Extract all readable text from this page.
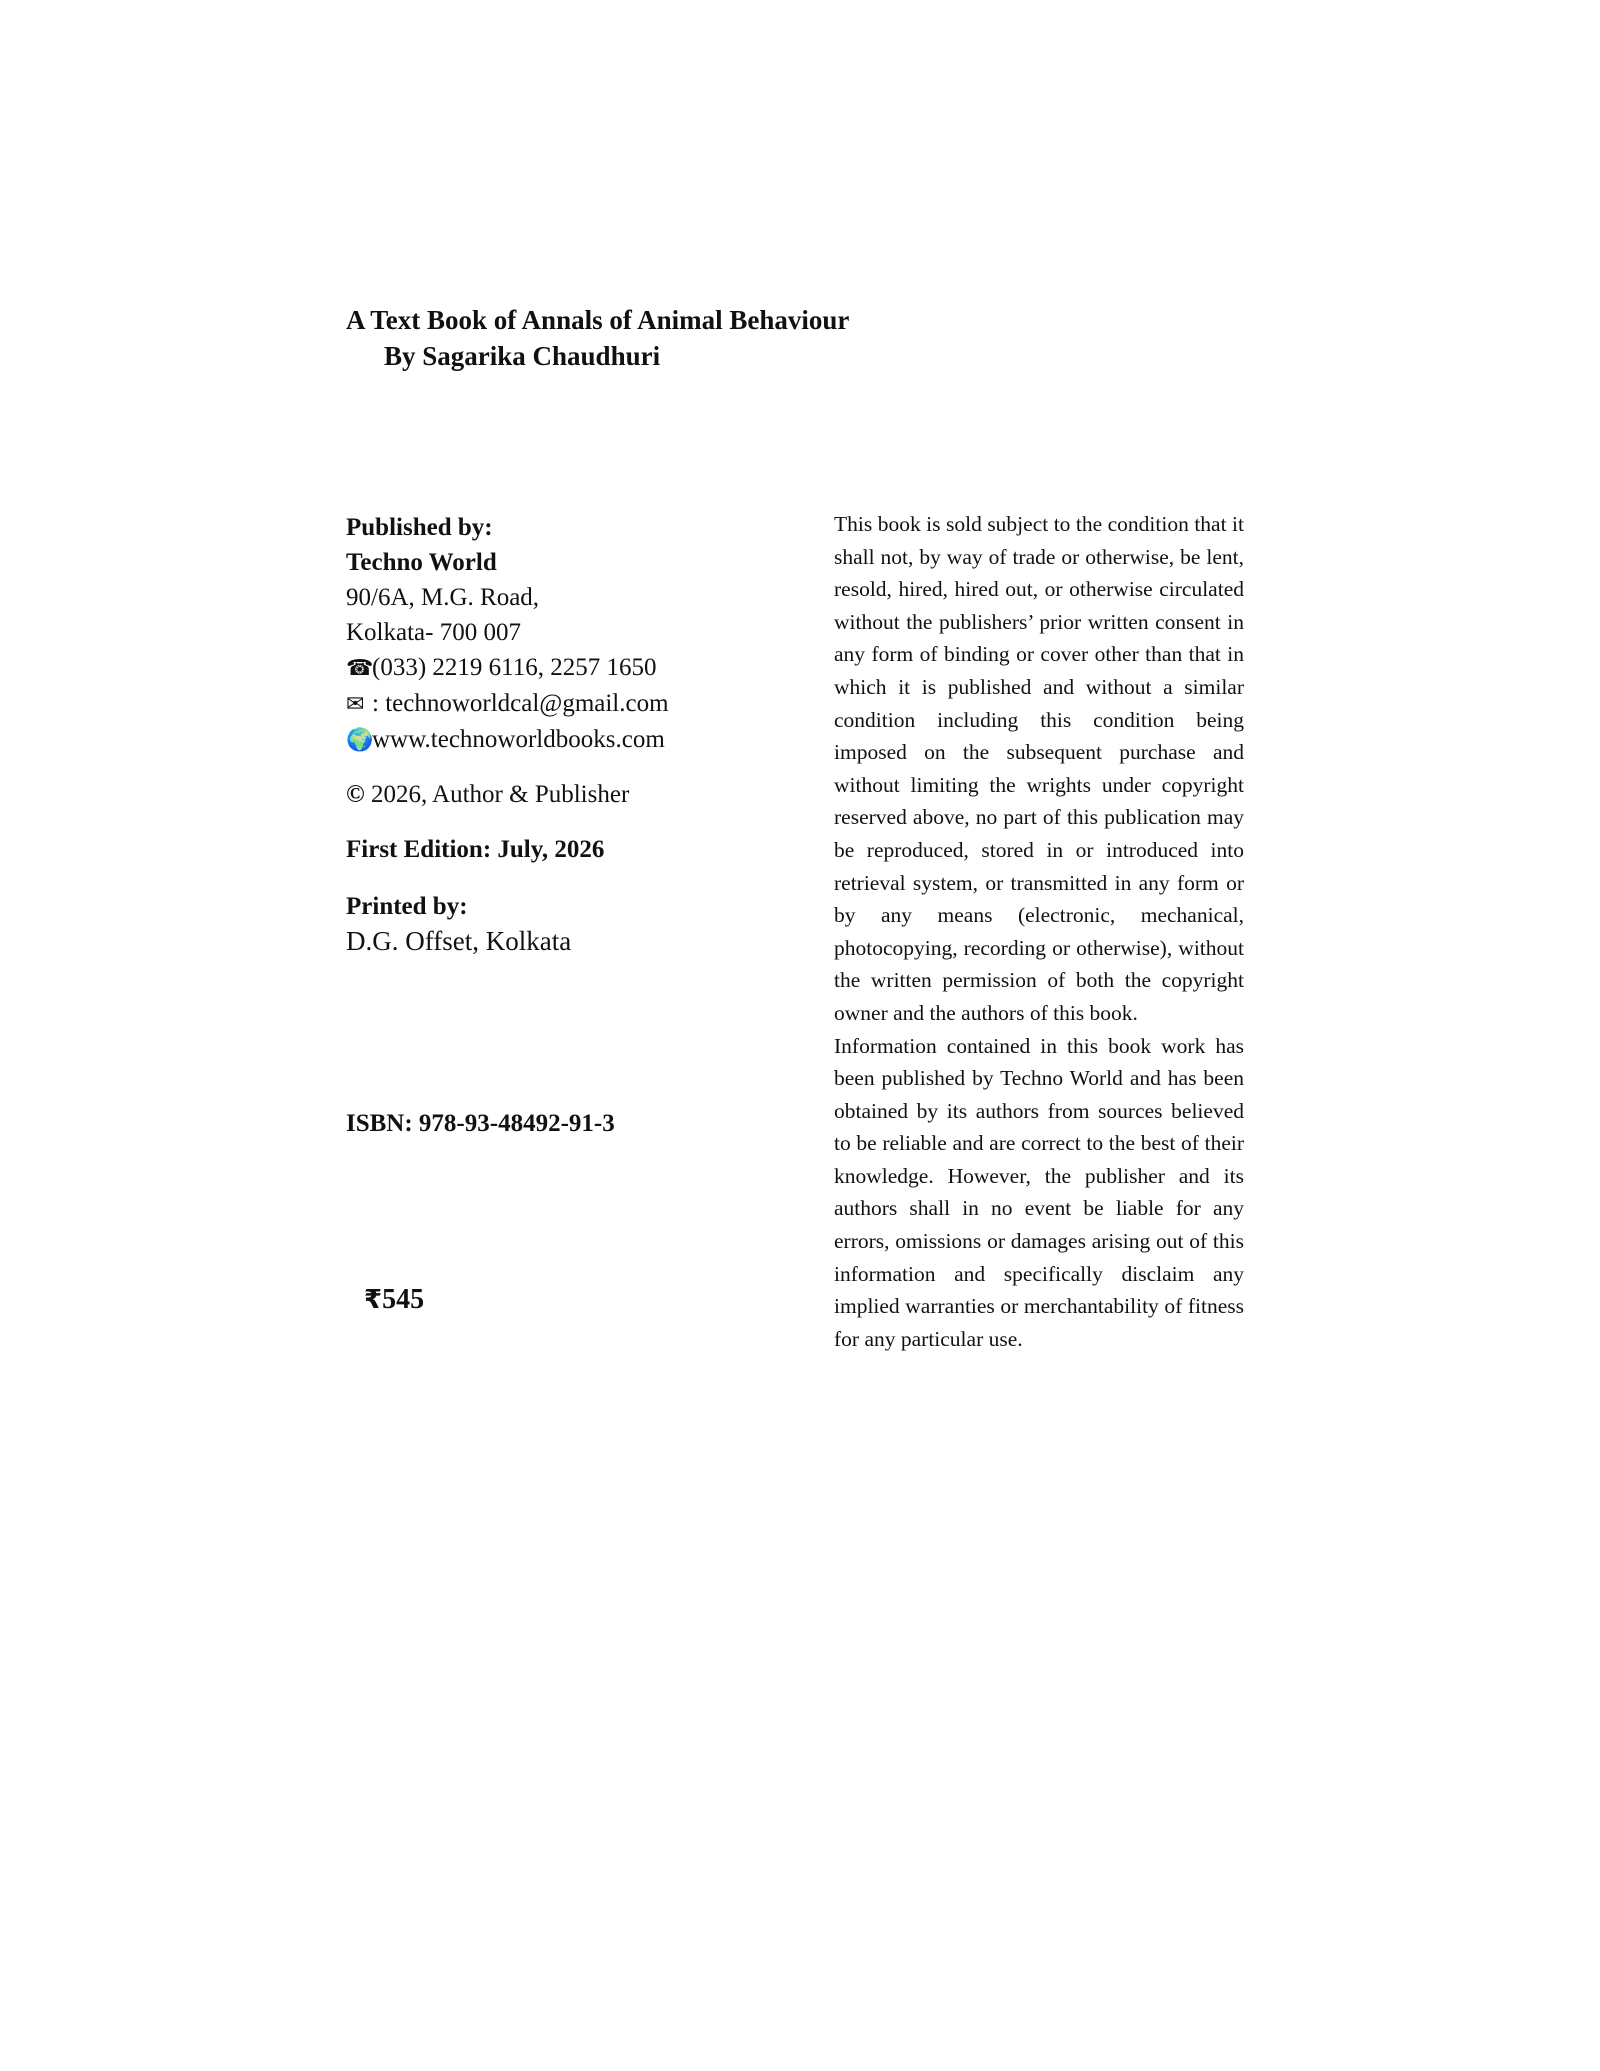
A Text Book of Annals of Animal Behaviour

By Sagarika Chaudhuri

Published by:
Techno World
90/6A, M.G. Road,
Kolkata- 700 007
☎(033) 2219 6116, 2257 1650
✉ : technoworldcal@gmail.com
🌍www.technoworldbooks.com
© 2026, Author & Publisher
First Edition: July, 2026
Printed by:
D.G. Offset, Kolkata
ISBN: 978-93-48492-91-3
₹545

This book is sold subject to the condition that it shall not, by way of trade or otherwise, be lent, resold, hired, hired out, or otherwise circulated without the publishers’ prior written consent in any form of binding or cover other than that in which it is published and without a similar condition including this condition being imposed on the subsequent purchase and without limiting the wrights under copyright reserved above, no part of this publication may be reproduced, stored in or introduced into retrieval system, or transmitted in any form or by any means (electronic, mechanical, photocopying, recording or otherwise), without the written permission of both the copyright owner and the authors of this book.

Information contained in this book work has been published by Techno World and has been obtained by its authors from sources believed to be reliable and are correct to the best of their knowledge. However, the publisher and its authors shall in no event be liable for any errors, omissions or damages arising out of this information and specifically disclaim any implied warranties or merchantability of fitness for any particular use.
